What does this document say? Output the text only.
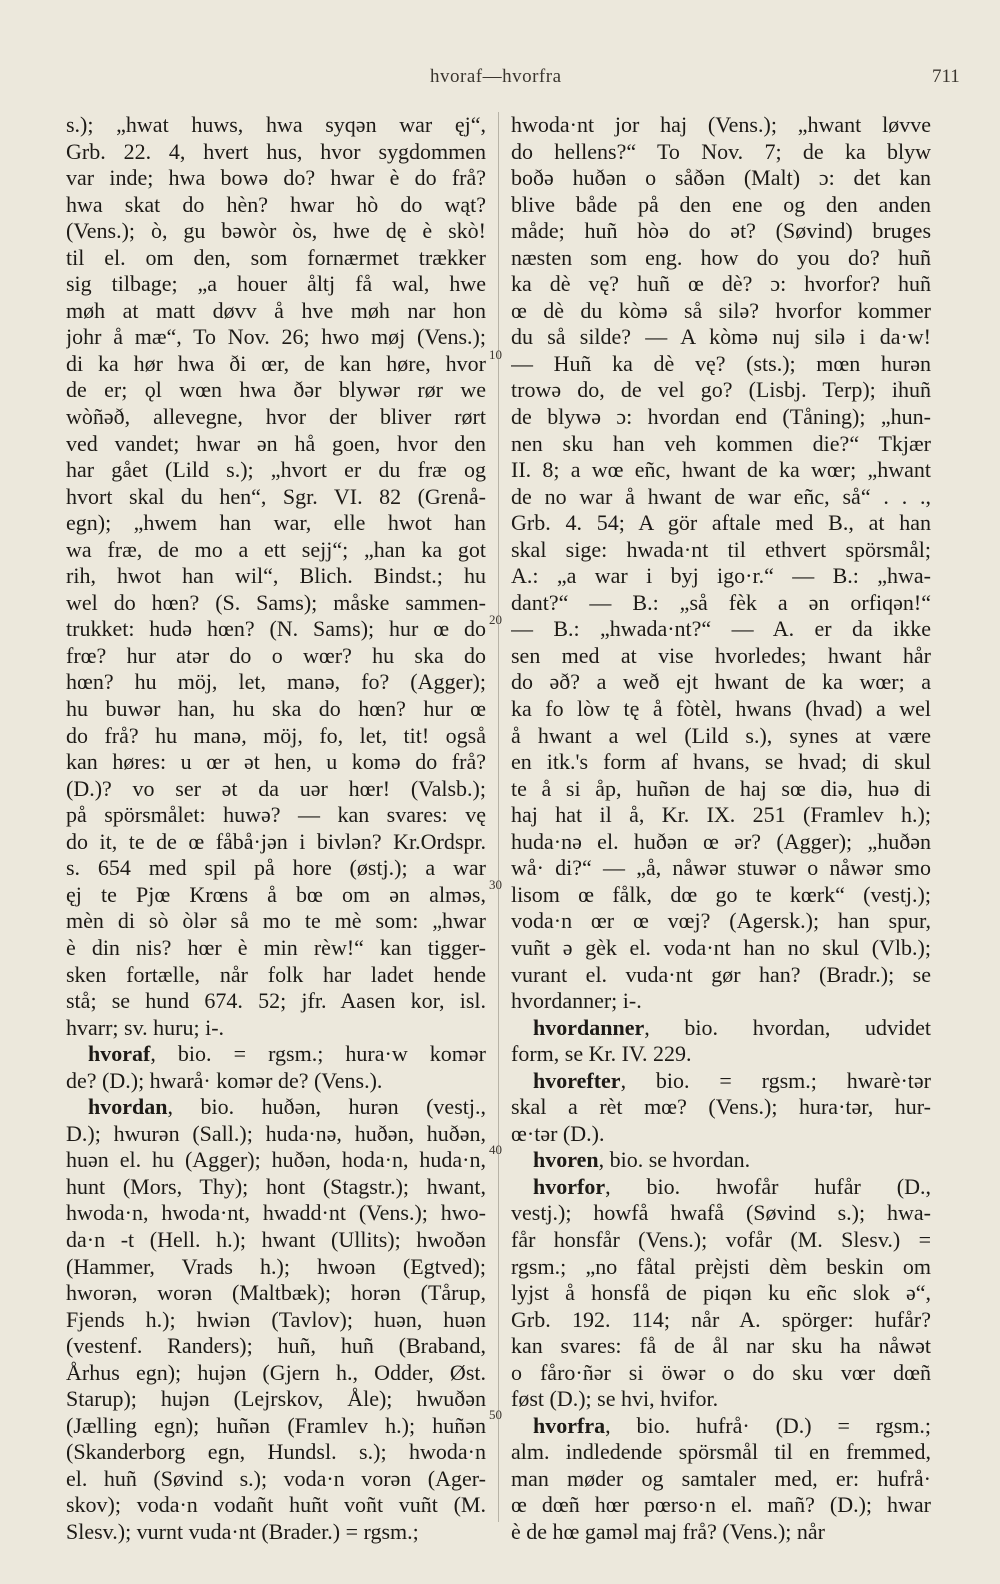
hvoraf—hvorfra	711
10
20
30
40
50
s.); „hwat huws, hwa syqən war ęj“,
Grb. 22. 4, hvert hus, hvor sygdommen
var inde; hwa bowə do? hwar è do frå?
hwa skat do hèn? hwar hò do wąt?
(Vens.); ò, gu bəwòr òs, hwe dę è skò!
til el. om den, som fornærmet trækker
sig tilbage; „a houer åltj få wal, hwe
møh at matt døvv å hve møh nar hon
johr å mæ“, To Nov. 26; hwo møj (Vens.);
di ka hør hwa ði œr, de kan høre, hvor
de er; ǫl wœn hwa ðər blywər rør we
wòñəð, allevegne, hvor der bliver rørt
ved vandet; hwar ən hå goen, hvor den
har gået (Lild s.); „hvort er du fræ og
hvort skal du hen“, Sgr. VI. 82 (Grenå-
egn); „hwem han war, elle hwot han
wa fræ, de mo a ett sejj“; „han ka got
rih, hwot han wil“, Blich. Bindst.; hu
wel do hœn? (S. Sams); måske sammen-
trukket: hudə hœn? (N. Sams); hur œ do
frœ? hur atər do o wœr? hu ska do
hœn? hu möj, let, manə, fo? (Agger);
hu buwər han, hu ska do hœn? hur œ
do frå? hu manə, möj, fo, let, tit! også
kan høres: u œr ət hen, u komə do frå?
(D.)? vo ser ət da uər hœr! (Valsb.);
på spörsmålet: huwə? — kan svares: vę
do it, te de œ fåbå·jən i bivlən? Kr.Ordspr.
s. 654 med spil på hore (østj.); a war
ęj te Pjœ Krœns å bœ om ən alməs,
mèn di sò òlər så mo te mè som: „hwar
è din nis? hœr è min rèw!“ kan tigger-
sken fortælle, når folk har ladet hende
stå; se hund 674. 52; jfr. Aasen kor, isl.
hvarr; sv. huru; i-.
 hvoraf, bio. = rgsm.; hura·w komər
de? (D.); hwarå· komər de? (Vens.).
 hvordan, bio. huðən, hurən (vestj.,
D.); hwurən (Sall.); huda·nə, huðən, huðən,
huən el. hu (Agger); huðən, hoda·n, huda·n,
hunt (Mors, Thy); hont (Stagstr.); hwant,
hwoda·n, hwoda·nt, hwadd·nt (Vens.); hwo-
da·n -t (Hell. h.); hwant (Ullits); hwoðən
(Hammer, Vrads h.); hwoən (Egtved);
hworən, worən (Maltbæk); horən (Tårup,
Fjends h.); hwiən (Tavlov); huən, huən
(vestenf. Randers); huñ, huñ (Braband,
Århus egn); hujən (Gjern h., Odder, Øst.
Starup); hujən (Lejrskov, Åle); hwuðən
(Jælling egn); huñən (Framlev h.); huñən
(Skanderborg egn, Hundsl. s.); hwoda·n
el. huñ (Søvind s.); voda·n vorən (Ager-
skov); voda·n vodañt huñt voñt vuñt (M.
Slesv.); vurnt vuda·nt (Brader.) = rgsm.;
hwoda·nt jor haj (Vens.); „hwant løvve
do hellens?“ To Nov. 7; de ka blyw
boðə huðən o såðən (Malt) ɔ: det kan
blive både på den ene og den anden
måde; huñ hòə do ət? (Søvind) bruges
næsten som eng. how do you do? huñ
ka dè vę? huñ œ dè? ɔ: hvorfor? huñ
œ dè du kòmə så silə? hvorfor kommer
du så silde? — A kòmə nuj silə i da·w!
— Huñ ka dè vę? (sts.); mœn hurən
trowə do, de vel go? (Lisbj. Terp); ihuñ
de blywə ɔ: hvordan end (Tåning); „hun-
nen sku han veh kommen die?“ Tkjær
II. 8; a wœ eñc, hwant de ka wœr; „hwant
de no war å hwant de war eñc, så“ . . .,
Grb. 4. 54; A gör aftale med B., at han
skal sige: hwada·nt til ethvert spörsmål;
A.: „a war i byj igo·r.“ — B.: „hwa-
dant?“ — B.: „så fèk a ən orfiqən!“
— B.: „hwada·nt?“ — A. er da ikke
sen med at vise hvorledes; hwant hår
do əð? a weð ejt hwant de ka wœr; a
ka fo lòw tę å fòtèl, hwans (hvad) a wel
å hwant a wel (Lild s.), synes at være
en itk.'s form af hvans, se hvad; di skul
te å si åp, huñən de haj sœ diə, huə di
haj hat il å, Kr. IX. 251 (Framlev h.);
huda·nə el. huðən œ ər? (Agger); „huðən
wå· di?“ — „å, nåwər stuwər o nåwər smo
lisom œ fålk, dœ go te kœrk“ (vestj.);
voda·n œr œ vœj? (Agersk.); han spur,
vuñt ə gèk el. voda·nt han no skul (Vlb.);
vurant el. vuda·nt gør han? (Bradr.); se
hvordanner; i-.
 hvordanner, bio. hvordan, udvidet
form, se Kr. IV. 229.
 hvorefter, bio. = rgsm.; hwarè·tər
skal a rèt mœ? (Vens.); hura·tər, hur-
œ·tər (D.).
 hvoren, bio. se hvordan.
 hvorfor, bio. hwofår hufår (D.,
vestj.); howfå hwafå (Søvind s.); hwa-
får honsfår (Vens.); vofår (M. Slesv.) =
rgsm.; „no fåtal prèjsti dèm beskin om
lyjst å honsfå de piqən ku eñc slok ə“,
Grb. 192. 114; når A. spörger: hufår?
kan svares: få de ål nar sku ha nåwət
o fåro·ñər si öwər o do sku vœr dœñ
føst (D.); se hvi, hvifor.
 hvorfra, bio. hufrå· (D.) = rgsm.;
alm. indledende spörsmål til en fremmed,
man møder og samtaler med, er: hufrå·
œ dœñ hœr pœrso·n el. mañ? (D.); hwar
è de hœ gaməl maj frå? (Vens.); når
